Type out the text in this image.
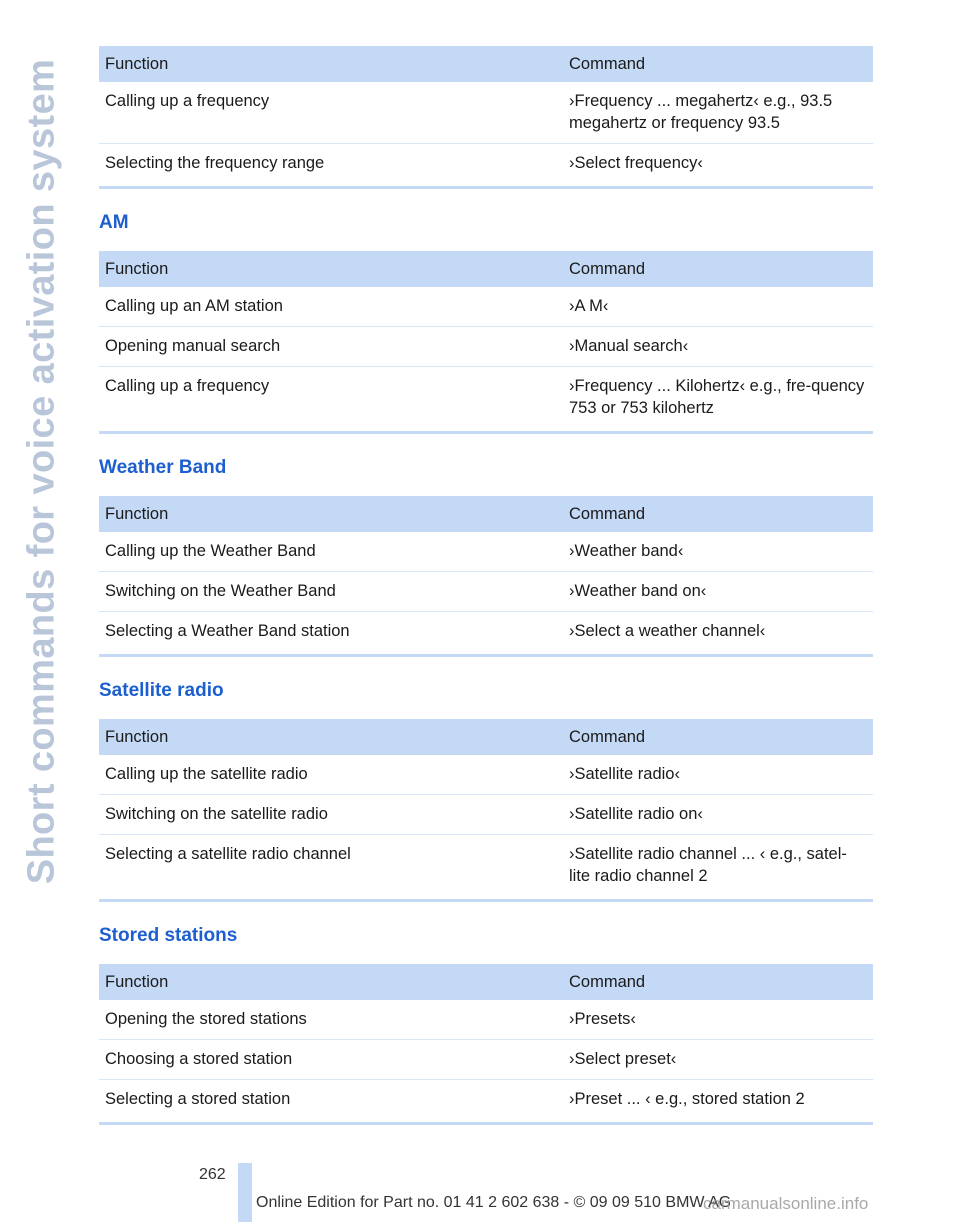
Short commands for voice activation system	Function	Command
Calling up a frequency	›Frequency ... megahertz‹ e.g., 93.5 megahertz or frequency 93.5
Selecting the frequency range	›Select frequency‹
AM
Function	Command
Calling up an AM station	›A M‹
Opening manual search	›Manual search‹
Calling up a frequency	›Frequency ... Kilohertz‹ e.g., fre-quency 753 or 753 kilohertz
Weather Band
Function	Command
Calling up the Weather Band	›Weather band‹
Switching on the Weather Band	›Weather band on‹
Selecting a Weather Band station	›Select a weather channel‹
Satellite radio
Function	Command
Calling up the satellite radio	›Satellite radio‹
Switching on the satellite radio	›Satellite radio on‹
Selecting a satellite radio channel	›Satellite radio channel ... ‹ e.g., satel-lite radio channel 2
Stored stations
Function	Command
Opening the stored stations	›Presets‹
Choosing a stored station	›Select preset‹
Selecting a stored station	›Preset ... ‹ e.g., stored station 2
262
Online Edition for Part no. 01 41 2 602 638 - © 09 09 510 BMW AG
carmanualsonline.info
